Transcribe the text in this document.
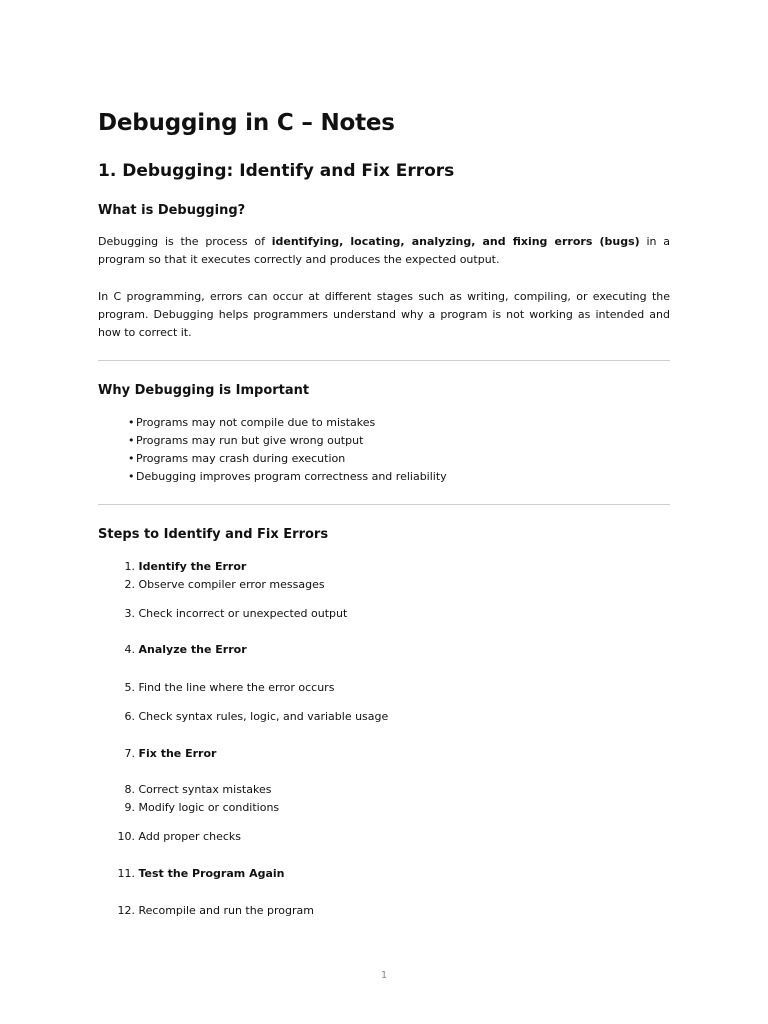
Debugging in C – Notes
1. Debugging: Identify and Fix Errors
What is Debugging?

Debugging is the process of identifying, locating, analyzing, and fixing errors (bugs) in a program so that it executes correctly and produces the expected output.

In C programming, errors can occur at different stages such as writing, compiling, or executing the program. Debugging helps programmers understand why a program is not working as intended and how to correct it.

Why Debugging is Important
• Programs may not compile due to mistakes
• Programs may run but give wrong output
• Programs may crash during execution
• Debugging improves program correctness and reliability
Steps to Identify and Fix Errors
1. Identify the Error
2. Observe compiler error messages
3. Check incorrect or unexpected output
4. Analyze the Error
5. Find the line where the error occurs
6. Check syntax rules, logic, and variable usage
7. Fix the Error
8. Correct syntax mistakes
9. Modify logic or conditions
10. Add proper checks
11. Test the Program Again
12. Recompile and run the program
1
